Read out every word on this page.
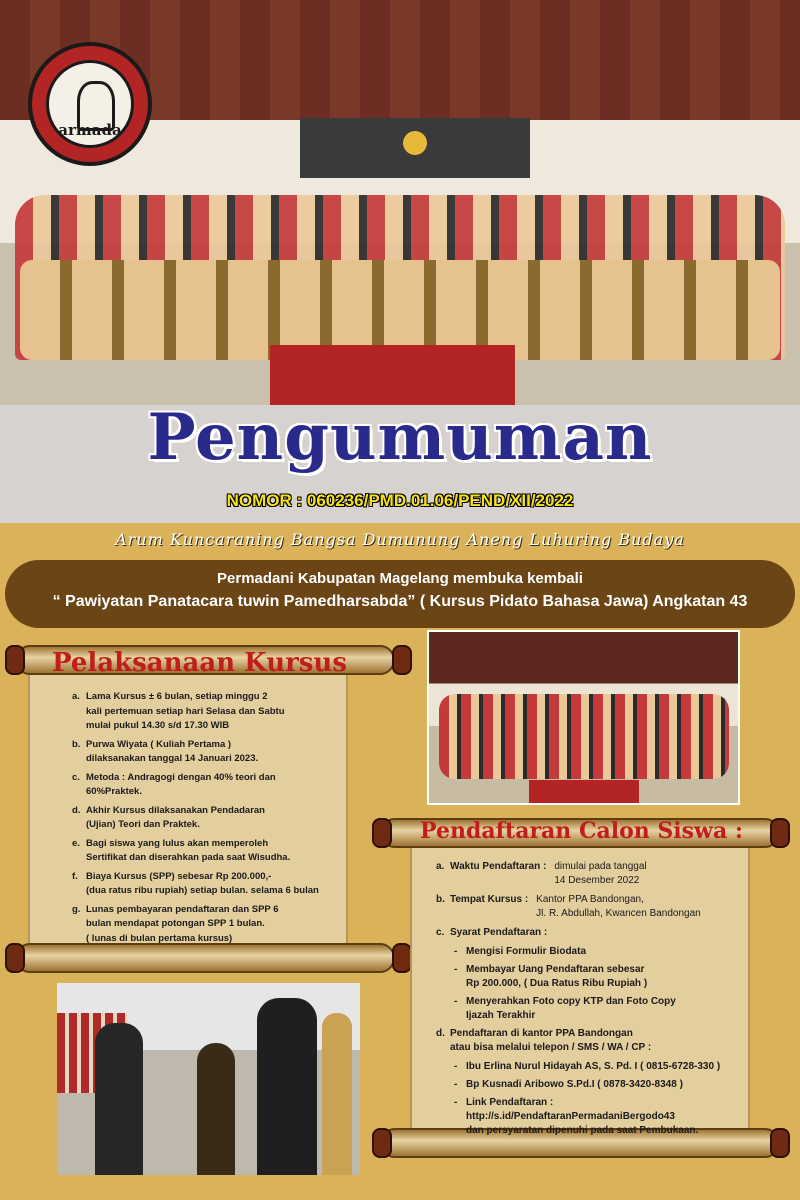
armada
Pengumuman
NOMOR : 060236/PMD.01.06/PEND/XII/2022
Arum Kuncaraning Bangsa Dumunung Aneng Luhuring Budaya
Permadani Kabupatan Magelang membuka kembali
“ Pawiyatan Panatacara tuwin Pamedharsabda” ( Kursus Pidato Bahasa Jawa) Angkatan 43
Pelaksanaan Kursus
a. Lama Kursus ± 6 bulan, setiap minggu 2
kali pertemuan setiap hari Selasa dan Sabtu
mulai pukul 14.30 s/d 17.30 WIB
b. Purwa Wiyata ( Kuliah Pertama )
dilaksanakan tanggal 14 Januari 2023.
c. Metoda : Andragogi dengan 40% teori dan
60%Praktek.
d. Akhir Kursus dilaksanakan Pendadaran
(Ujian) Teori dan Praktek.
e. Bagi siswa yang lulus akan memperoleh
Sertifikat dan diserahkan pada saat Wisudha.
f. Biaya Kursus (SPP) sebesar Rp 200.000,-
(dua ratus ribu rupiah) setiap bulan. selama 6 bulan
g. Lunas pembayaran pendaftaran dan SPP 6
bulan mendapat potongan SPP 1 bulan.
( lunas di bulan pertama kursus)
Pendaftaran Calon Siswa :
a. Waktu Pendaftaran : dimulai pada tanggal
14 Desember 2022
b. Tempat Kursus : Kantor PPA Bandongan,
Jl. R. Abdullah, Kwancen Bandongan
c. Syarat Pendaftaran :
- Mengisi Formulir Biodata
- Membayar Uang Pendaftaran sebesar
Rp 200.000, ( Dua Ratus Ribu Rupiah )
- Menyerahkan Foto copy KTP dan Foto Copy
Ijazah Terakhir
d. Pendaftaran di kantor PPA Bandongan
atau bisa melalui telepon / SMS / WA / CP :
- Ibu Erlina Nurul Hidayah AS, S. Pd. I ( 0815-6728-330 )
- Bp Kusnadi Aribowo S.Pd.I ( 0878-3420-8348 )
- Link Pendaftaran :
http://s.id/PendaftaranPermadaniBergodo43
dan persyaratan dipenuhi pada saat Pembukaan.
